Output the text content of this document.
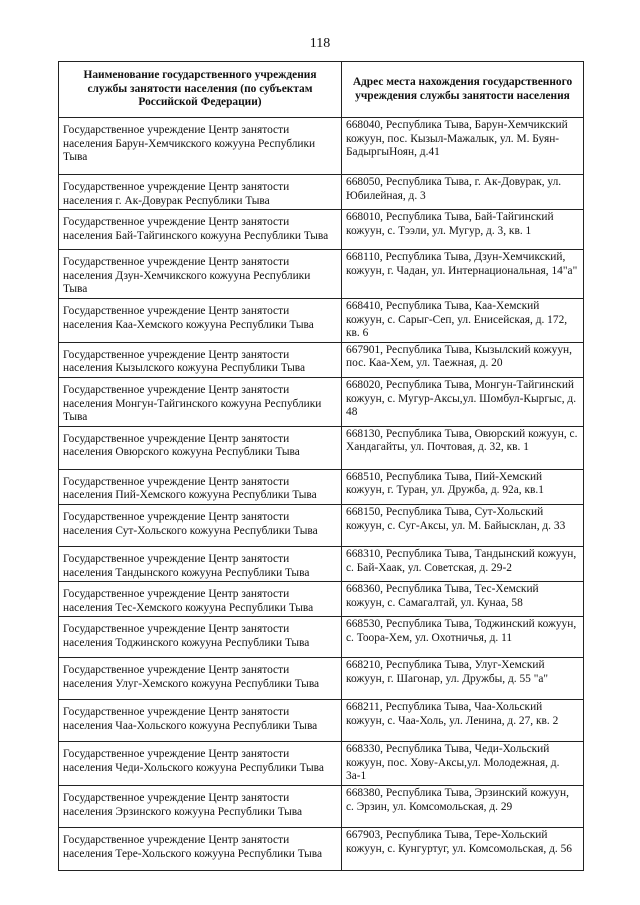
118
Наименование государственного учреждения службы занятости населения (по субъектам Российской Федерации)	Адрес места нахождения государственного учреждения службы занятости населения
Государственное учреждение Центр занятости населения Барун-Хемчикского кожууна Республики Тыва	668040, Республика Тыва, Барун-Хемчикский кожуун, пос. Кызыл-Мажалык, ул. М. Буян-БадыргыНоян, д.41
Государственное учреждение Центр занятости населения г. Ак-Довурак Республики Тыва	668050, Республика Тыва, г. Ак-Довурак, ул. Юбилейная, д. 3
Государственное учреждение Центр занятости населения Бай-Тайгинского кожууна Республики Тыва	668010, Республика Тыва, Бай-Тайгинский кожуун, с. Тээли, ул. Мугур, д. 3, кв. 1
Государственное учреждение Центр занятости населения Дзун-Хемчикского кожууна Республики Тыва	668110, Республика Тыва, Дзун-Хемчикский, кожуун, г. Чадан, ул. Интернациональная, 14"а"
Государственное учреждение Центр занятости населения Каа-Хемского кожууна Республики Тыва	668410, Республика Тыва, Каа-Хемский кожуун, с. Сарыг-Сеп, ул. Енисейская, д. 172, кв. 6
Государственное учреждение Центр занятости населения Кызылского кожууна Республики Тыва	667901, Республика Тыва, Кызылский кожуун, пос. Каа-Хем, ул. Таежная, д. 20
Государственное учреждение Центр занятости населения Монгун-Тайгинского кожууна Республики Тыва	668020, Республика Тыва, Монгун-Тайгинский кожуун, с. Мугур-Аксы,ул. Шомбул-Кыргыс, д. 48
Государственное учреждение Центр занятости населения Овюрского кожууна Республики Тыва	668130, Республика Тыва, Овюрский кожуун, с. Хандагайты, ул. Почтовая, д. 32, кв. 1
Государственное учреждение Центр занятости населения Пий-Хемского кожууна Республики Тыва	668510, Республика Тыва, Пий-Хемский кожуун, г. Туран, ул. Дружба, д. 92а, кв.1
Государственное учреждение Центр занятости населения Сут-Хольского кожууна Республики Тыва	668150, Республика Тыва, Сут-Хольский кожуун, с. Суг-Аксы, ул. М. Байысклан, д. 33
Государственное учреждение Центр занятости населения Тандынского кожууна Республики Тыва	668310, Республика Тыва, Тандынский кожуун, с. Бай-Хаак, ул. Советская, д. 29-2
Государственное учреждение Центр занятости населения Тес-Хемского кожууна Республики Тыва	668360, Республика Тыва, Тес-Хемский кожуун, с. Самагалтай, ул. Кунаа, 58
Государственное учреждение Центр занятости населения Тоджинского кожууна Республики Тыва	668530, Республика Тыва, Тоджинский кожуун, с. Тоора-Хем, ул. Охотничья, д. 11
Государственное учреждение Центр занятости населения Улуг-Хемского кожууна Республики Тыва	668210, Республика Тыва, Улуг-Хемский кожуун, г. Шагонар, ул. Дружбы, д. 55 "а"
Государственное учреждение Центр занятости населения Чаа-Хольского кожууна Республики Тыва	668211, Республика Тыва, Чаа-Хольский кожуун, с. Чаа-Холь, ул. Ленина, д. 27, кв. 2
Государственное учреждение Центр занятости населения Чеди-Хольского кожууна Республики Тыва	668330, Республика Тыва, Чеди-Хольский кожуун, пос. Хову-Аксы,ул. Молодежная, д. 3а-1
Государственное учреждение Центр занятости населения Эрзинского кожууна Республики Тыва	668380, Республика Тыва, Эрзинский кожуун, с. Эрзин, ул. Комсомольская, д. 29
Государственное учреждение Центр занятости населения Тере-Хольского кожууна Республики Тыва	667903, Республика Тыва, Тере-Хольский кожуун, с. Кунгуртуг, ул. Комсомольская, д. 56
